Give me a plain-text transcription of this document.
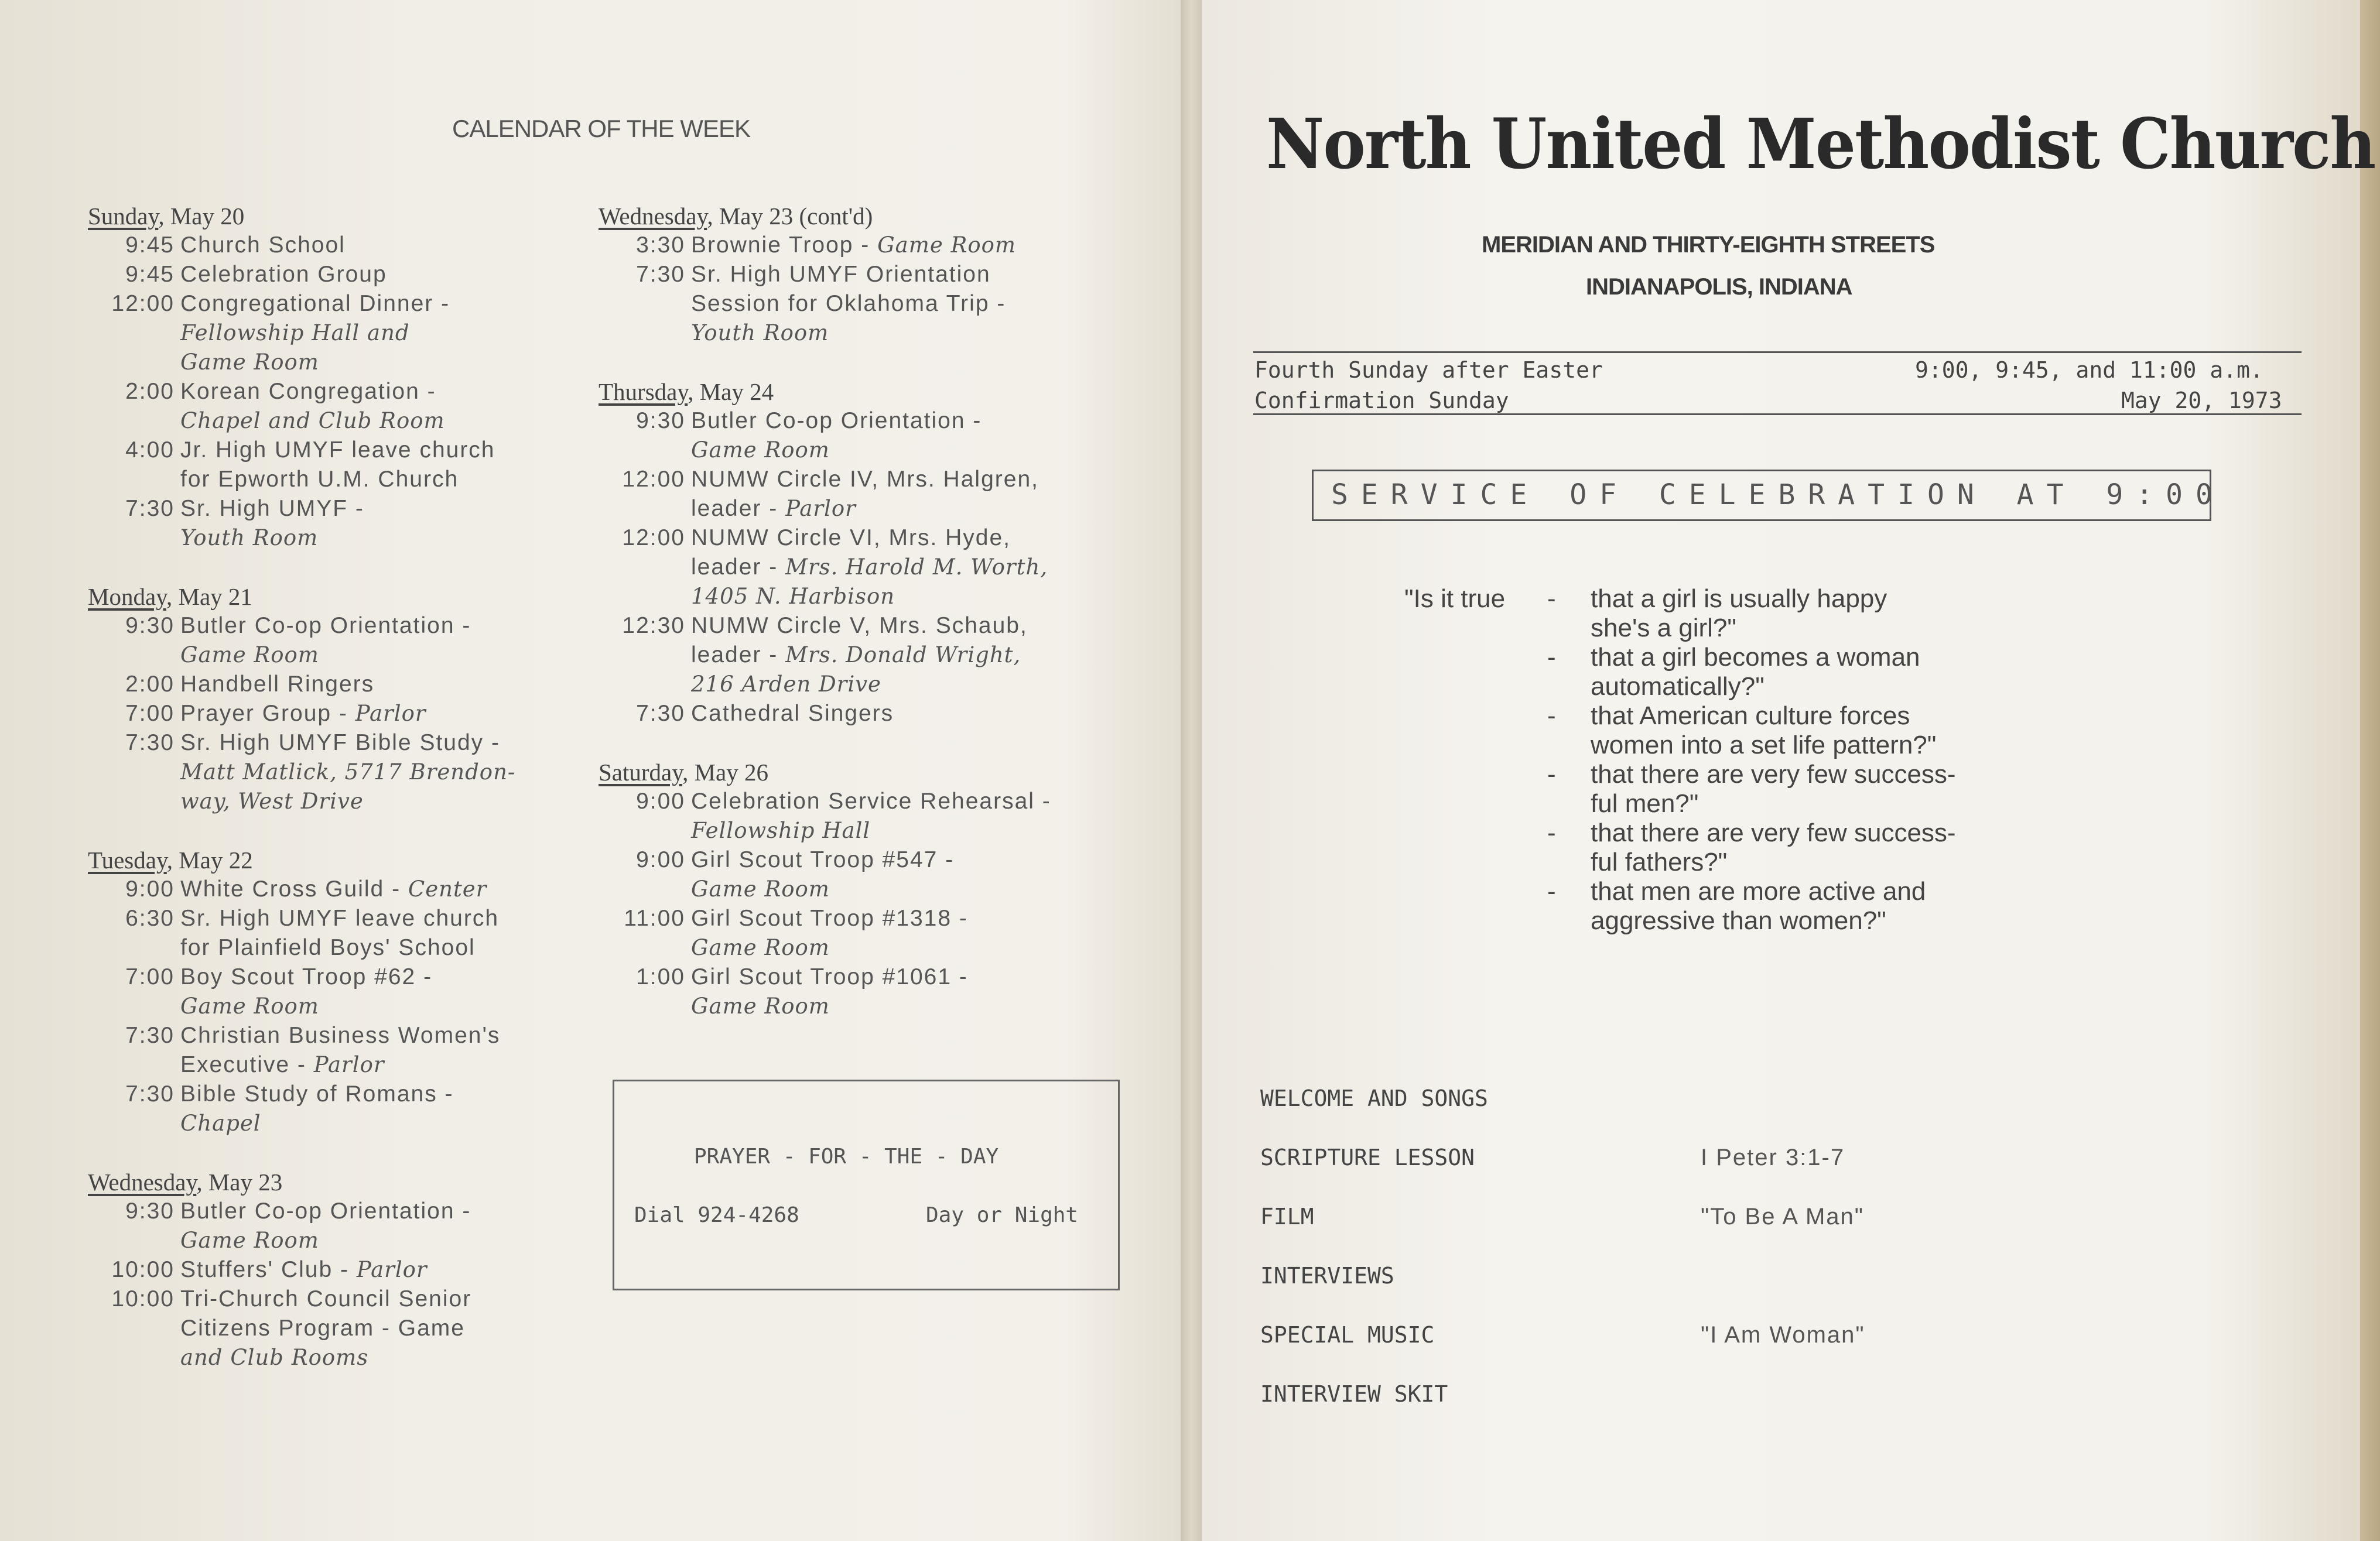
CALENDAR OF THE WEEK
Sunday, May 20
9:45 Church School
9:45 Celebration Group
12:00 Congregational Dinner -
Fellowship Hall and
Game Room
2:00 Korean Congregation -
Chapel and Club Room
4:00 Jr. High UMYF leave church
for Epworth U.M. Church
7:30 Sr. High UMYF -
Youth Room
Monday, May 21
9:30 Butler Co-op Orientation -
Game Room
2:00 Handbell Ringers
7:00 Prayer Group - Parlor
7:30 Sr. High UMYF Bible Study -
Matt Matlick, 5717 Brendon-
way, West Drive
Tuesday, May 22
9:00 White Cross Guild - Center
6:30 Sr. High UMYF leave church
for Plainfield Boys' School
7:00 Boy Scout Troop #62 -
Game Room
7:30 Christian Business Women's
Executive - Parlor
7:30 Bible Study of Romans -
Chapel
Wednesday, May 23
9:30 Butler Co-op Orientation -
Game Room
10:00 Stuffers' Club - Parlor
10:00 Tri-Church Council Senior
Citizens Program - Game
and Club Rooms
Wednesday, May 23 (cont'd)
3:30 Brownie Troop - Game Room
7:30 Sr. High UMYF Orientation
Session for Oklahoma Trip -
Youth Room
Thursday, May 24
9:30 Butler Co-op Orientation -
Game Room
12:00 NUMW Circle IV, Mrs. Halgren,
leader - Parlor
12:00 NUMW Circle VI, Mrs. Hyde,
leader - Mrs. Harold M. Worth,
1405 N. Harbison
12:30 NUMW Circle V, Mrs. Schaub,
leader - Mrs. Donald Wright,
216 Arden Drive
7:30 Cathedral Singers
Saturday, May 26
9:00 Celebration Service Rehearsal -
Fellowship Hall
9:00 Girl Scout Troop #547 -
Game Room
11:00 Girl Scout Troop #1318 -
Game Room
1:00 Girl Scout Troop #1061 -
Game Room
PRAYER - FOR - THE - DAY
Dial 924-4268	Day or Night
North United Methodist Church
MERIDIAN AND THIRTY-EIGHTH STREETS
INDIANAPOLIS, INDIANA
Fourth Sunday after Easter	9:00, 9:45, and 11:00 a.m.
Confirmation Sunday	May 20, 1973
SERVICE OF CELEBRATION AT 9:00
"Is it true - that a girl is usually happy
she's a girl?"
- that a girl becomes a woman
automatically?"
- that American culture forces
women into a set life pattern?"
- that there are very few success-
ful men?"
- that there are very few success-
ful fathers?"
- that men are more active and
aggressive than women?"
WELCOME AND SONGS
SCRIPTURE LESSON	I Peter 3:1-7
FILM	"To Be A Man"
INTERVIEWS
SPECIAL MUSIC	"I Am Woman"
INTERVIEW SKIT
